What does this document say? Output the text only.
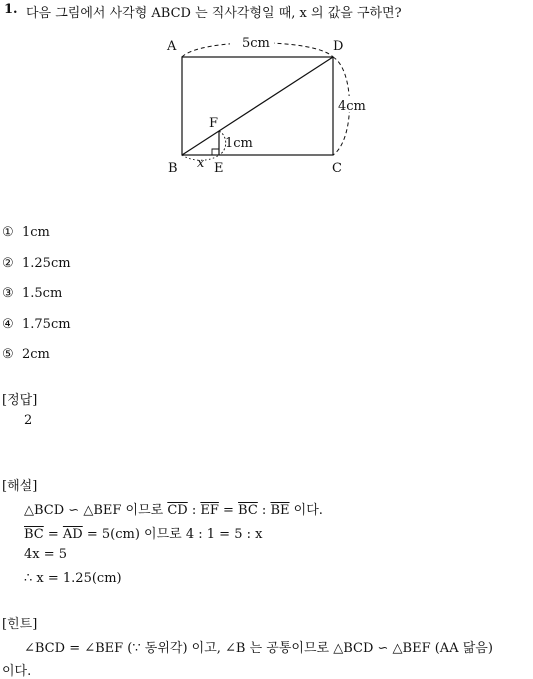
1. 다음 그림에서 사각형 ABCD 는 직사각형일 때, x 의 값을 구하면?
5cm
4cm
A	D
B	C
E
F
1cm
x
① 1cm
② 1.25cm
③ 1.5cm
④ 1.75cm
⑤ 2cm
[정답]
2
[해설]
△BCD ∽ △BEF 이므로 $\overline{CD}$ : $\overline{EF} = \overline{BC}$ : $\overline{BE}$ 이다.
$\overline{BC} = \overline{AD} = 5(cm)$ 이므로 4 : 1 = 5 : x
4x = 5
∴ x = 1.25(cm)
[힌트]
∠BCD = ∠BEF (∵ 동위각) 이고, ∠B 는 공통이므로 △BCD ∽ △BEF (AA 닮음)
이다.
